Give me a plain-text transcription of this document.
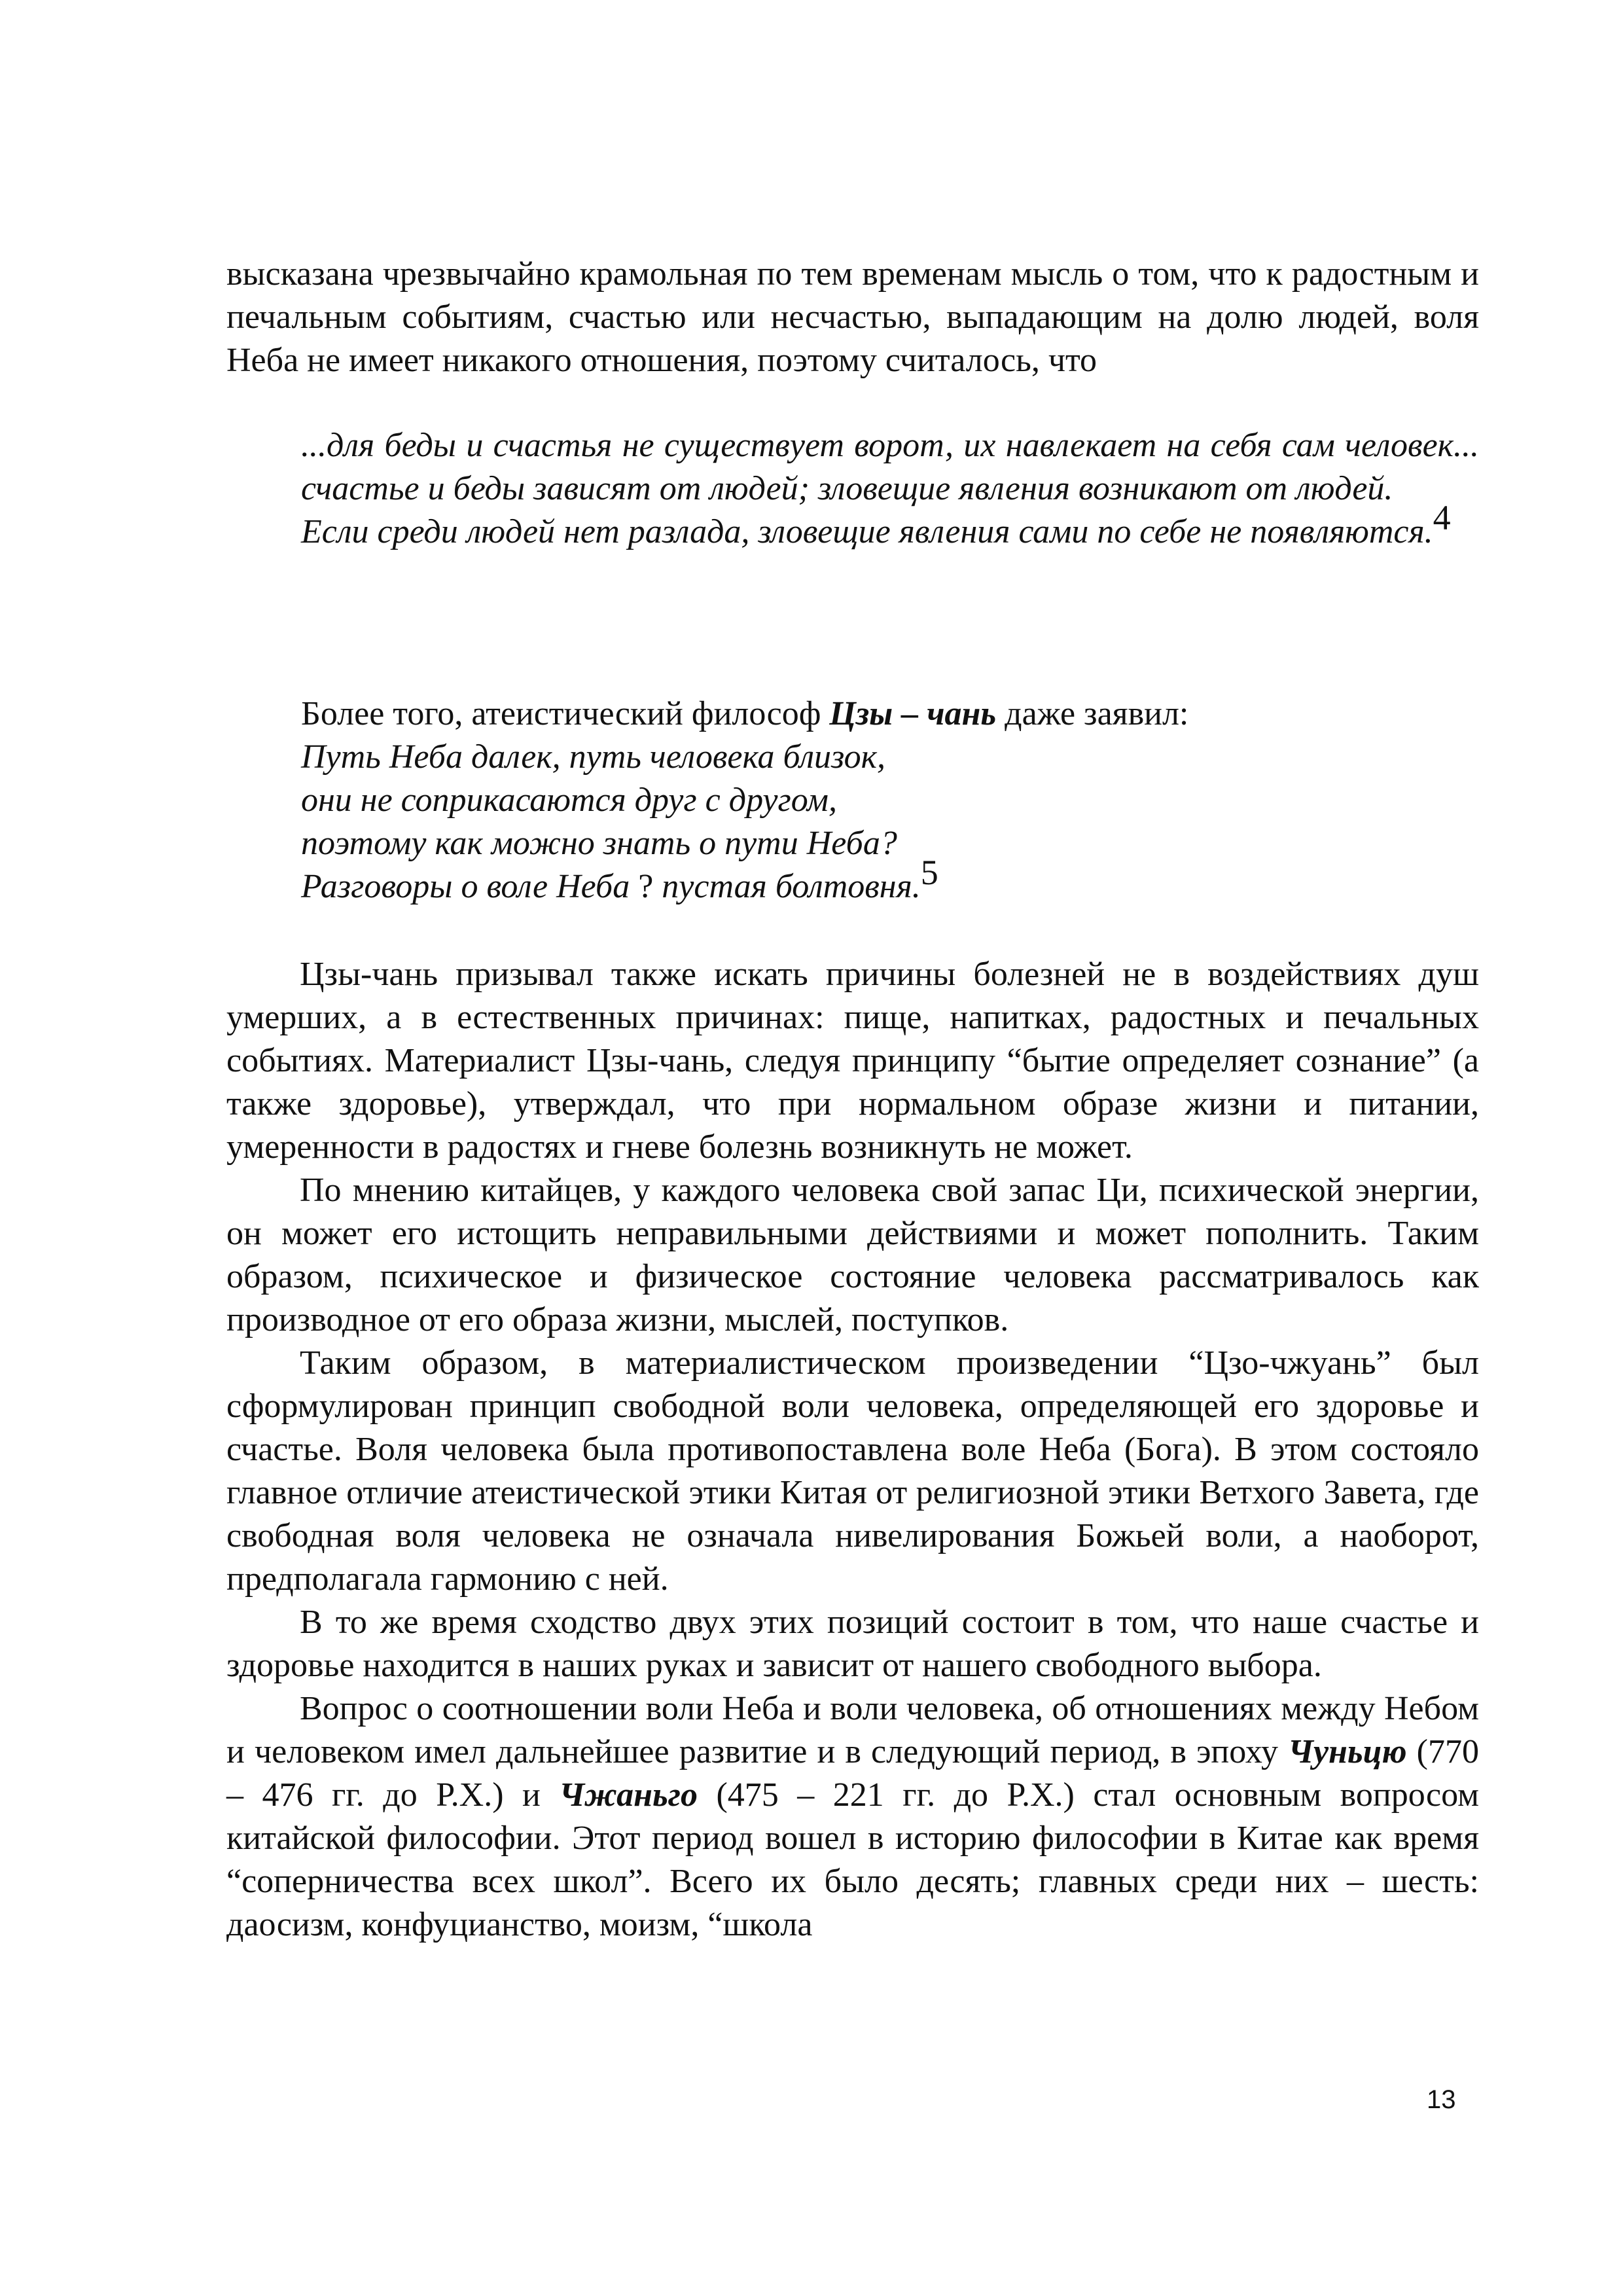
высказана чрезвычайно крамольная по тем временам мысль о том, что к радостным и печальным событиям, счастью или несчастью, выпадающим на долю людей, воля Неба не имеет никакого отношения, поэтому считалось, что

...для беды и счастья не существует ворот, их навлекает на себя сам человек... счастье и беды зависят от людей; зловещие явления возникают от людей.
Если среди людей нет разлада, зловещие явления сами по себе не появляются.4
Более того, атеистический философ Цзы – чань даже заявил:
Путь Неба далек, путь человека близок,
они не соприкасаются друг с другом,
поэтому как можно знать о пути Неба?
Разговоры о воле Неба ? пустая болтовня.5

Цзы-чань призывал также искать причины болезней не в воздействиях душ умерших, а в естественных причинах: пище, напитках, радостных и печальных событиях. Материалист Цзы-чань, следуя принципу “бытие определяет сознание” (а также здоровье), утверждал, что при нормальном образе жизни и питании, умеренности в радостях и гневе болезнь возникнуть не может.

По мнению китайцев, у каждого человека свой запас Ци, психической энергии, он может его истощить неправильными действиями и может пополнить. Таким образом, психическое и физическое состояние человека рассматривалось как производное от его образа жизни, мыслей, поступков.

Таким образом, в материалистическом произведении “Цзо-чжуань” был сформулирован принцип свободной воли человека, определяющей его здоровье и счастье. Воля человека была противопоставлена воле Неба (Бога). В этом состояло главное отличие атеистической этики Китая от религиозной этики Ветхого Завета, где свободная воля человека не означала нивелирования Божьей воли, а наоборот, предполагала гармонию с ней.

В то же время сходство двух этих позиций состоит в том, что наше счастье и здоровье находится в наших руках и зависит от нашего свободного выбора.

Вопрос о соотношении воли Неба и воли человека, об отношениях между Небом и человеком имел дальнейшее развитие и в следующий период, в эпоху Чуньцю (770 – 476 гг. до Р.Х.) и Чжаньго (475 – 221 гг. до Р.Х.) стал основным вопросом китайской философии. Этот период вошел в историю философии в Китае как время “соперничества всех школ”. Всего их было десять; главных среди них – шесть: даосизм, конфуцианство, моизм, “школа

13
